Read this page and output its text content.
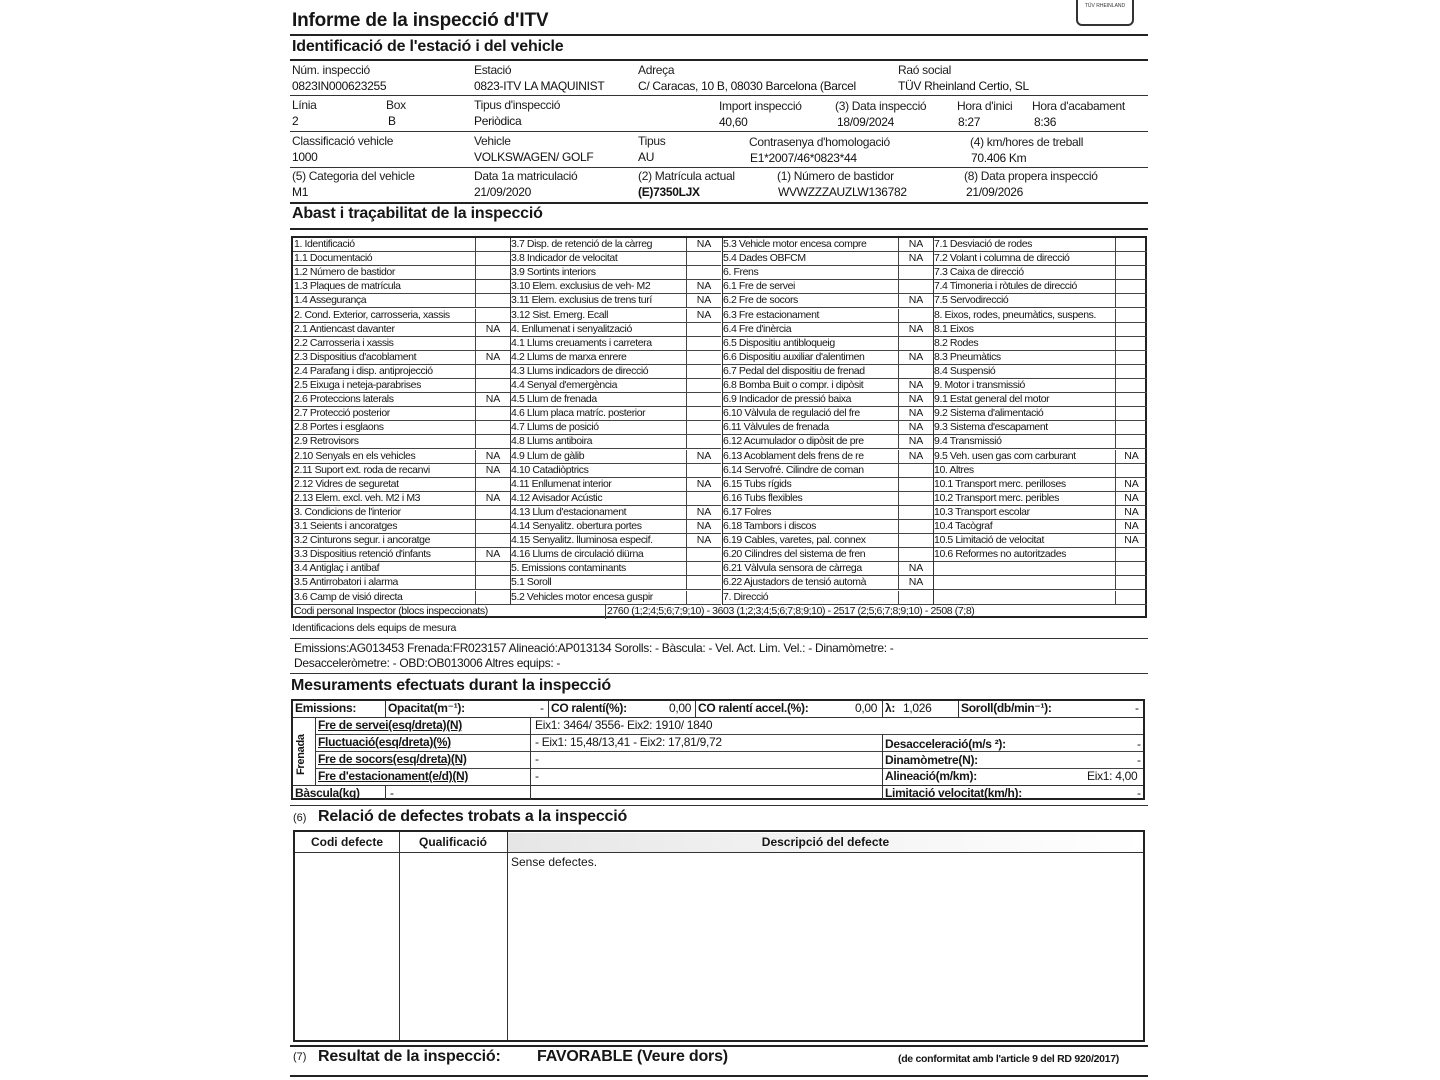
TÜV RHEINLAND
Informe de la inspecció d'ITV
Identificació de l'estació i del vehicle
Núm. inspecció
0823IN000623255
Estació
0823-ITV LA MAQUINIST
Adreça
C/ Caracas, 10 B, 08030 Barcelona (Barcel
Raó social
TÜV Rheinland Certio, SL
Línia
2
Box
B
Tipus d'inspecció
Periòdica
Import inspecció
40,60
(3) Data inspecció
18/09/2024
Hora d'inici
8:27
Hora d'acabament
8:36
Classificació vehicle
1000
Vehicle
VOLKSWAGEN/ GOLF
Tipus
AU
Contrasenya d'homologació
E1*2007/46*0823*44
(4) km/hores de treball
70.406 Km
(5) Categoria del vehicle
M1
Data 1a matriculació
21/09/2020
(2) Matrícula actual
(E)7350LJX
(1) Número de bastidor
WVWZZZAUZLW136782
(8) Data propera inspecció
21/09/2026
Abast i traçabilitat de la inspecció
1. Identificació
1.1 Documentació
1.2 Número de bastidor
1.3 Plaques de matrícula
1.4 Assegurança
2. Cond. Exterior, carrosseria, xassis
2.1 Antiencast davanter	NA
2.2 Carrosseria i xassis
2.3 Dispositius d'acoblament	NA
2.4 Parafang i disp. antiprojecció
2.5 Eixuga i neteja-parabrises
2.6 Proteccions laterals	NA
2.7 Protecció posterior
2.8 Portes i esglaons
2.9 Retrovisors
2.10 Senyals en els vehicles	NA
2.11 Suport ext. roda de recanvi	NA
2.12 Vidres de seguretat
2.13 Elem. excl. veh. M2 i M3	NA
3. Condicions de l'interior
3.1 Seients i ancoratges
3.2 Cinturons segur. i ancoratge
3.3 Dispositius retenció d'infants	NA
3.4 Antiglaç i antibaf
3.5 Antirrobatori i alarma
3.6 Camp de visió directa
3.7 Disp. de retenció de la càrreg	NA
3.8 Indicador de velocitat
3.9 Sortints interiors
3.10 Elem. exclusius de veh- M2	NA
3.11 Elem. exclusius de trens turí	NA
3.12 Sist. Emerg. Ecall	NA
4. Enllumenat i senyalització
4.1 Llums creuaments i carretera
4.2 Llums de marxa enrere
4.3 Llums indicadors de direcció
4.4 Senyal d'emergència
4.5 Llum de frenada
4.6 Llum placa matríc. posterior
4.7 Llums de posició
4.8 Llums antiboira
4.9 Llum de gàlib	NA
4.10 Catadiòptrics
4.11 Enllumenat interior	NA
4.12 Avisador Acústic
4.13 Llum d'estacionament	NA
4.14 Senyalitz. obertura portes	NA
4.15 Senyalitz. lluminosa especif.	NA
4.16 Llums de circulació diürna
5. Emissions contaminants
5.1 Soroll
5.2 Vehicles motor encesa guspir
5.3 Vehicle motor encesa compre	NA
5.4 Dades OBFCM	NA
6. Frens
6.1 Fre de servei
6.2 Fre de socors	NA
6.3 Fre estacionament
6.4 Fre d'inèrcia	NA
6.5 Dispositiu antibloqueig
6.6 Dispositiu auxiliar d'alentimen	NA
6.7 Pedal del dispositiu de frenad
6.8 Bomba Buit o compr. i dipòsit	NA
6.9 Indicador de pressió baixa	NA
6.10 Vàlvula de regulació del fre	NA
6.11 Vàlvules de frenada	NA
6.12 Acumulador o dipòsit de pre	NA
6.13 Acoblament dels frens de re	NA
6.14 Servofré. Cilindre de coman
6.15 Tubs rígids
6.16 Tubs flexibles
6.17 Folres
6.18 Tambors i discos
6.19 Cables, varetes, pal. connex
6.20 Cilindres del sistema de fren
6.21 Vàlvula sensora de càrrega	NA
6.22 Ajustadors de tensió automà	NA
7. Direcció
7.1 Desviació de rodes
7.2 Volant i columna de direcció
7.3 Caixa de direcció
7.4 Timoneria i ròtules de direcció
7.5 Servodirecció
8. Eixos, rodes, pneumàtics, suspens.
8.1 Eixos
8.2 Rodes
8.3 Pneumàtics
8.4 Suspensió
9. Motor i transmissió
9.1 Estat general del motor
9.2 Sistema d'alimentació
9.3 Sistema d'escapament
9.4 Transmissió
9.5 Veh. usen gas com carburant	NA
10. Altres
10.1 Transport merc. perilloses	NA
10.2 Transport merc. peribles	NA
10.3 Transport escolar	NA
10.4 Tacògraf	NA
10.5 Limitació de velocitat	NA
10.6 Reformes no autoritzades
Codi personal Inspector (blocs inspeccionats)	2760 (1;2;4;5;6;7;9;10) - 3603 (1;2;3;4;5;6;7;8;9;10) - 2517 (2;5;6;7;8;9;10) - 2508 (7;8)
Identificacions dels equips de mesura
Emissions:AG013453 Frenada:FR023157 Alineació:AP013134 Sorolls: - Bàscula: - Vel. Act. Lim. Vel.: - Dinamòmetre: -
Desacceleròmetre: - OBD:OB013006 Altres equips: -
Mesuraments efectuats durant la inspecció
Emissions:	Opacitat(m⁻¹):	- CO ralentí(%):	0,00 CO ralentí accel.(%):	0,00 λ: 1,026 Soroll(db/min⁻¹):	-
Frenada
Fre de servei(esq/dreta)(N)	Eix1: 3464/ 3556- Eix2: 1910/ 1840
Fluctuació(esq/dreta)(%)	- Eix1: 15,48/13,41 - Eix2: 17,81/9,72
Fre de socors(esq/dreta)(N)	-
Fre d'estacionament(e/d)(N)	-
Bàscula(kg)	-
Desacceleració(m/s ²):	-
Dinamòmetre(N):	-
Alineació(m/km):	Eix1: 4,00
Limitació velocitat(km/h):	-
(6) Relació de defectes trobats a la inspecció
Codi defecte	Qualificació	Descripció del defecte
Sense defectes.
(7) Resultat de la inspecció: FAVORABLE (Veure dors)	(de conformitat amb l'article 9 del RD 920/2017)
